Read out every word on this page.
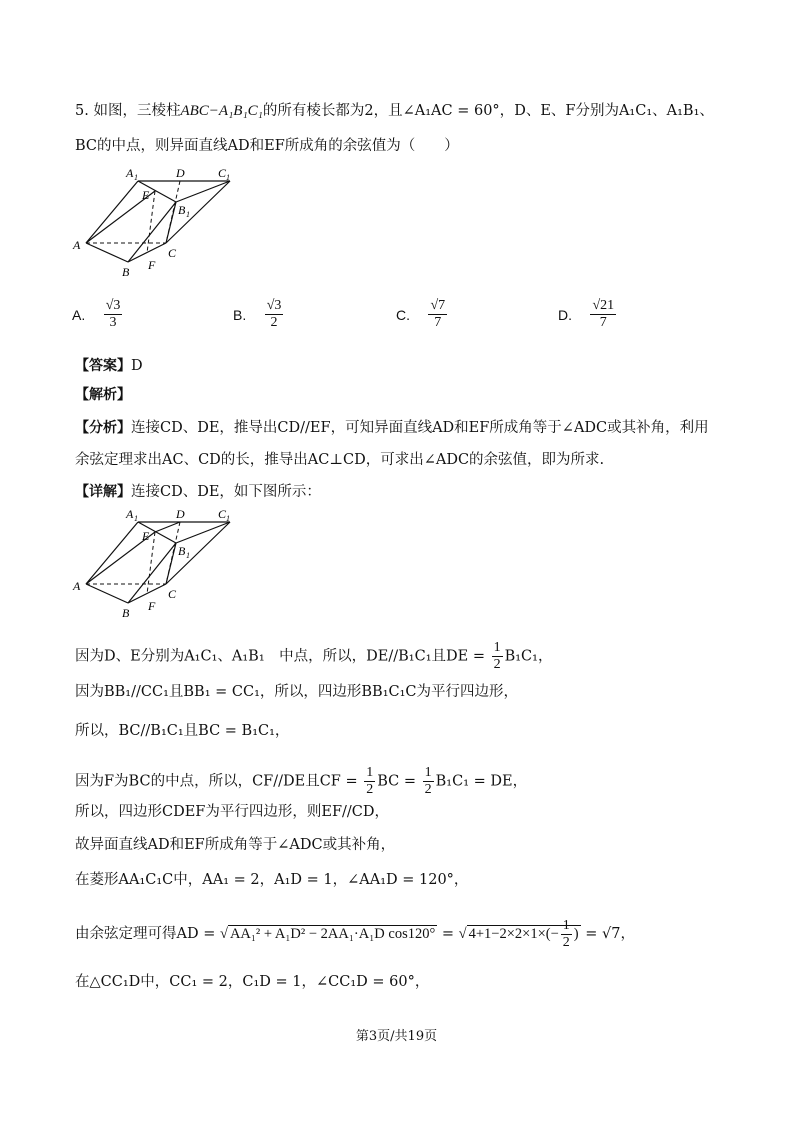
5. 如图，三棱柱ABC−A₁B₁C₁的所有棱长都为2，且∠A₁AC = 60°，D、E、F分别为A₁C₁、A₁B₁、
BC的中点，则异面直线AD和EF所成角的余弦值为（　　）
A 1	D	C 1
E
B 1
A
C
B F
A. $\frac{√3}{3}$	B. $\frac{√3}{2}$	C. $\frac{√7}{7}$	D. $\frac{√21}{7}$
【答案】D
【解析】
【分析】连接CD、DE，推导出CD//EF，可知异面直线AD和EF所成角等于∠ADC或其补角，利用
余弦定理求出AC、CD的长，推导出AC⊥CD，可求出∠ADC的余弦值，即为所求.
【详解】连接CD、DE，如下图所示：
A 1	D	C 1
E
B 1
A
C
B F
因为D、E分别为A₁C₁、A₁B₁　中点，所以，DE//B₁C₁且DE = $\frac{1}{2} B_1C_1$，
因为BB₁//CC₁且BB₁ = CC₁，所以，四边形BB₁C₁C为平行四边形，
所以，BC//B₁C₁且BC = B₁C₁，
因为F为BC的中点，所以，CF//DE且CF = $\frac{1}{2}$ BC = $\frac{1}{2} B_1C_1$ = DE，
所以，四边形CDEF为平行四边形，则EF//CD，
故异面直线AD和EF所成角等于∠ADC或其补角，
在菱形AA₁C₁C中，AA₁ = 2，A₁D = 1，∠AA₁D = 120°，
由余弦定理可得AD = √ AA₁² + A₁D² − 2AA₁·A₁D cos120° = √ $4+1-2\times 2\times 1\times(- \frac{1}{2}$ ) = √7，
在△CC₁D中，CC₁ = 2，C₁D = 1，∠CC₁D = 60°，
第3页/共19页
